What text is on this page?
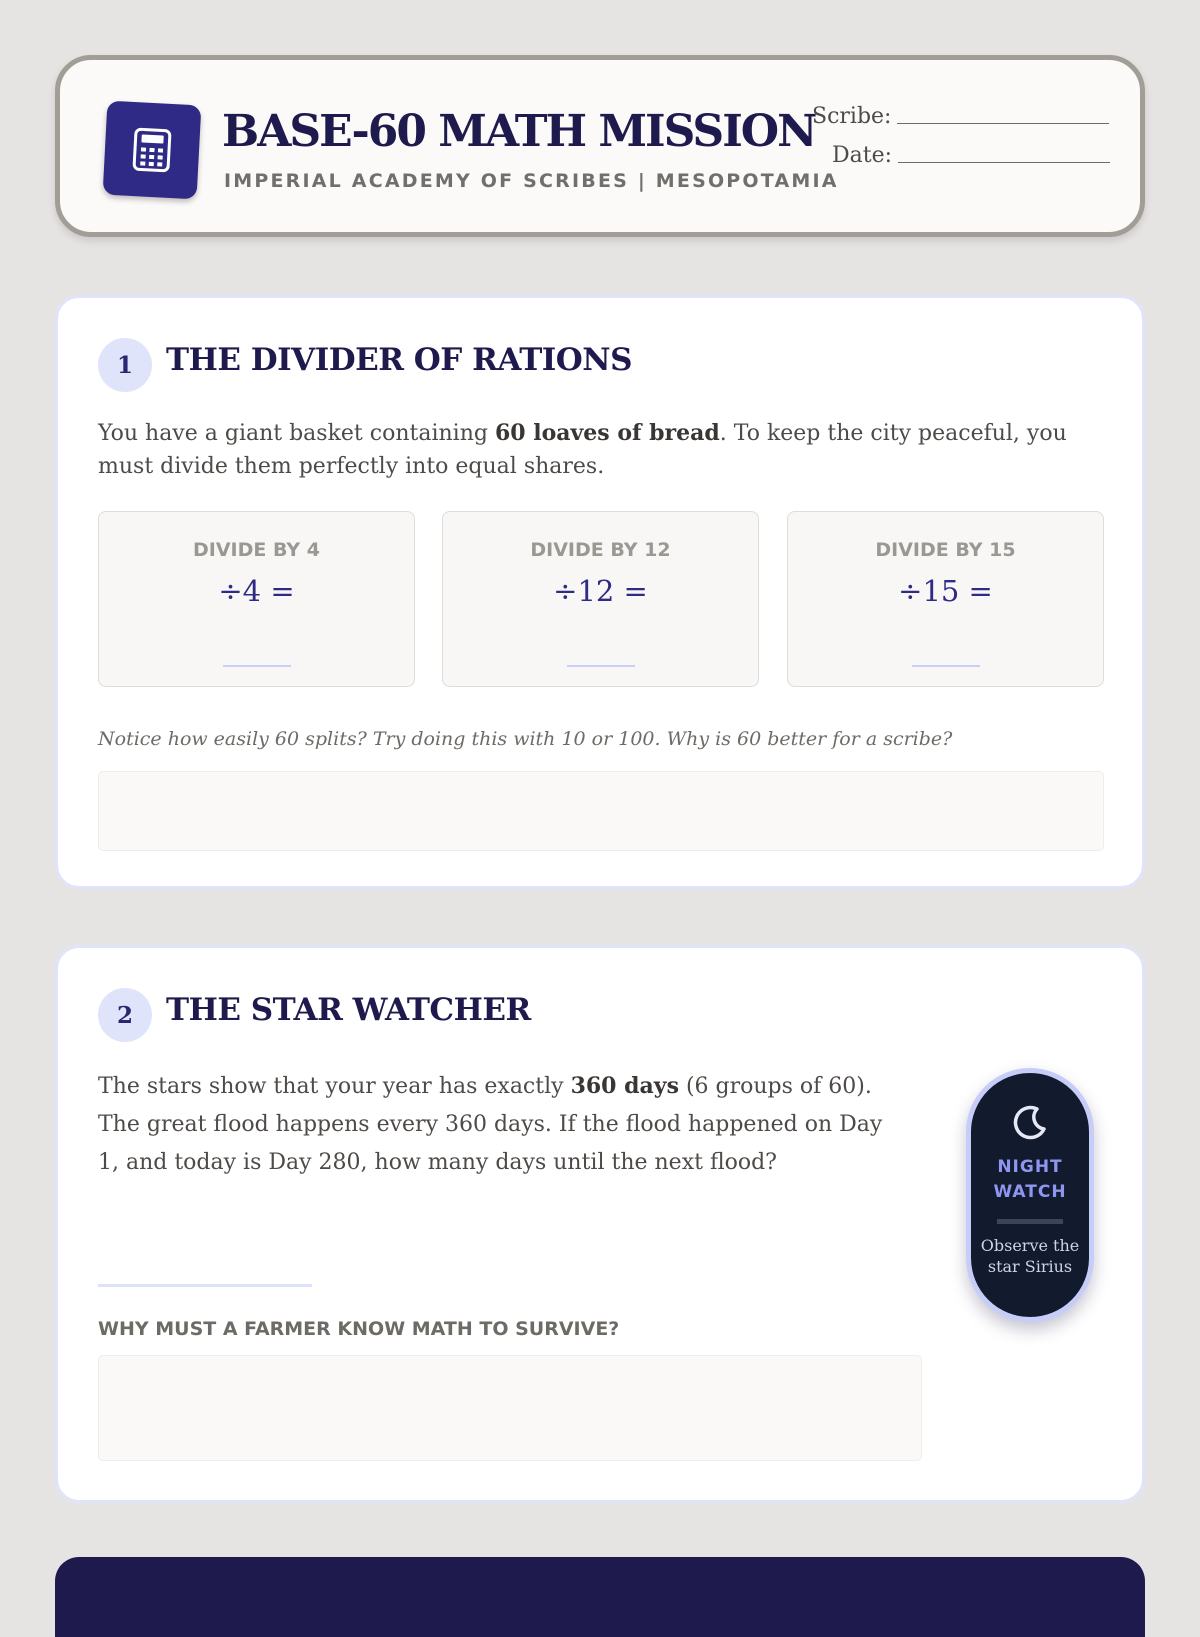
BASE-60 MATH MISSION
IMPERIAL ACADEMY OF SCRIBES | MESOPOTAMIA
Scribe:
Date:
1	THE DIVIDER OF RATIONS
You have a giant basket containing 60 loaves of bread. To keep the city peaceful, you must divide them perfectly into equal shares.
DIVIDE BY 4
÷4 =
DIVIDE BY 12
÷12 =
DIVIDE BY 15
÷15 =
Notice how easily 60 splits? Try doing this with 10 or 100. Why is 60 better for a scribe?
2	THE STAR WATCHER
The stars show that your year has exactly 360 days (6 groups of 60). The great flood happens every 360 days. If the flood happened on Day 1, and today is Day 280, how many days until the next flood?
WHY MUST A FARMER KNOW MATH TO SURVIVE?
NIGHT
WATCH
Observe the star Sirius
